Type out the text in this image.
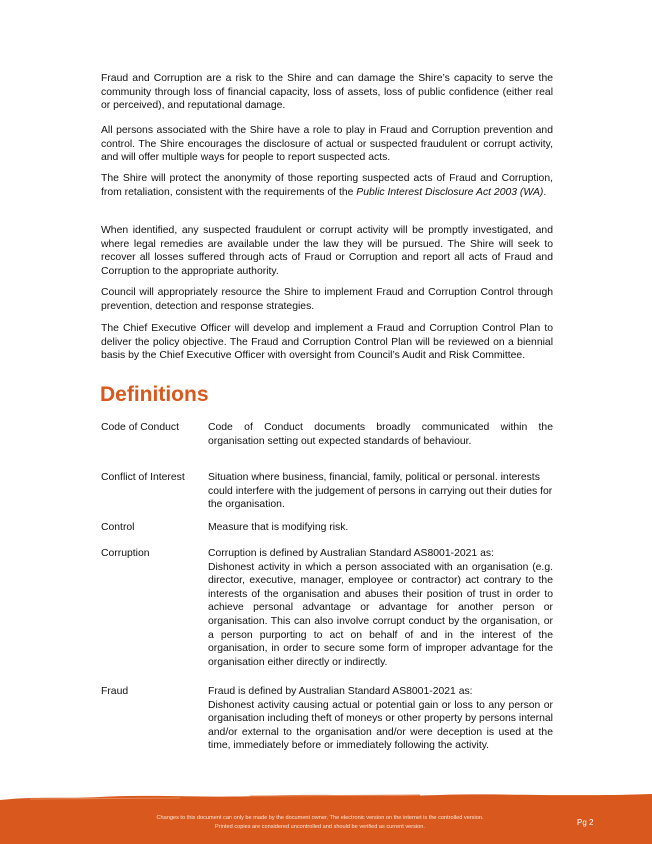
Fraud and Corruption are a risk to the Shire and can damage the Shire’s capacity to serve the community through loss of financial capacity, loss of assets, loss of public confidence (either real or perceived), and reputational damage.

All persons associated with the Shire have a role to play in Fraud and Corruption prevention and control. The Shire encourages the disclosure of actual or suspected fraudulent or corrupt activity, and will offer multiple ways for people to report suspected acts.

The Shire will protect the anonymity of those reporting suspected acts of Fraud and Corruption, from retaliation, consistent with the requirements of the Public Interest Disclosure Act 2003 (WA).

When identified, any suspected fraudulent or corrupt activity will be promptly investigated, and where legal remedies are available under the law they will be pursued. The Shire will seek to recover all losses suffered through acts of Fraud or Corruption and report all acts of Fraud and Corruption to the appropriate authority.

Council will appropriately resource the Shire to implement Fraud and Corruption Control through prevention, detection and response strategies.

The Chief Executive Officer will develop and implement a Fraud and Corruption Control Plan to deliver the policy objective. The Fraud and Corruption Control Plan will be reviewed on a biennial basis by the Chief Executive Officer with oversight from Council’s Audit and Risk Committee.

Definitions
Code of Conduct	Code of Conduct documents broadly communicated within the organisation setting out expected standards of behaviour.
Conflict of Interest	Situation where business, financial, family, political or personal. interests could interfere with the judgement of persons in carrying out their duties for the organisation.
Control	Measure that is modifying risk.
Corruption	Corruption is defined by Australian Standard AS8001-2021 as:
Dishonest activity in which a person associated with an organisation (e.g. director, executive, manager, employee or contractor) act contrary to the interests of the organisation and abuses their position of trust in order to achieve personal advantage or advantage for another person or organisation. This can also involve corrupt conduct by the organisation, or a person purporting to act on behalf of and in the interest of the organisation, in order to secure some form of improper advantage for the organisation either directly or indirectly.
Fraud	Fraud is defined by Australian Standard AS8001-2021 as:
Dishonest activity causing actual or potential gain or loss to any person or organisation including theft of moneys or other property by persons internal and/or external to the organisation and/or were deception is used at the time, immediately before or immediately following the activity.
Changes to this document can only be made by the document owner. The electronic version on the internet is the controlled version.
Printed copies are considered uncontrolled and should be verified as current version.	Pg 2
